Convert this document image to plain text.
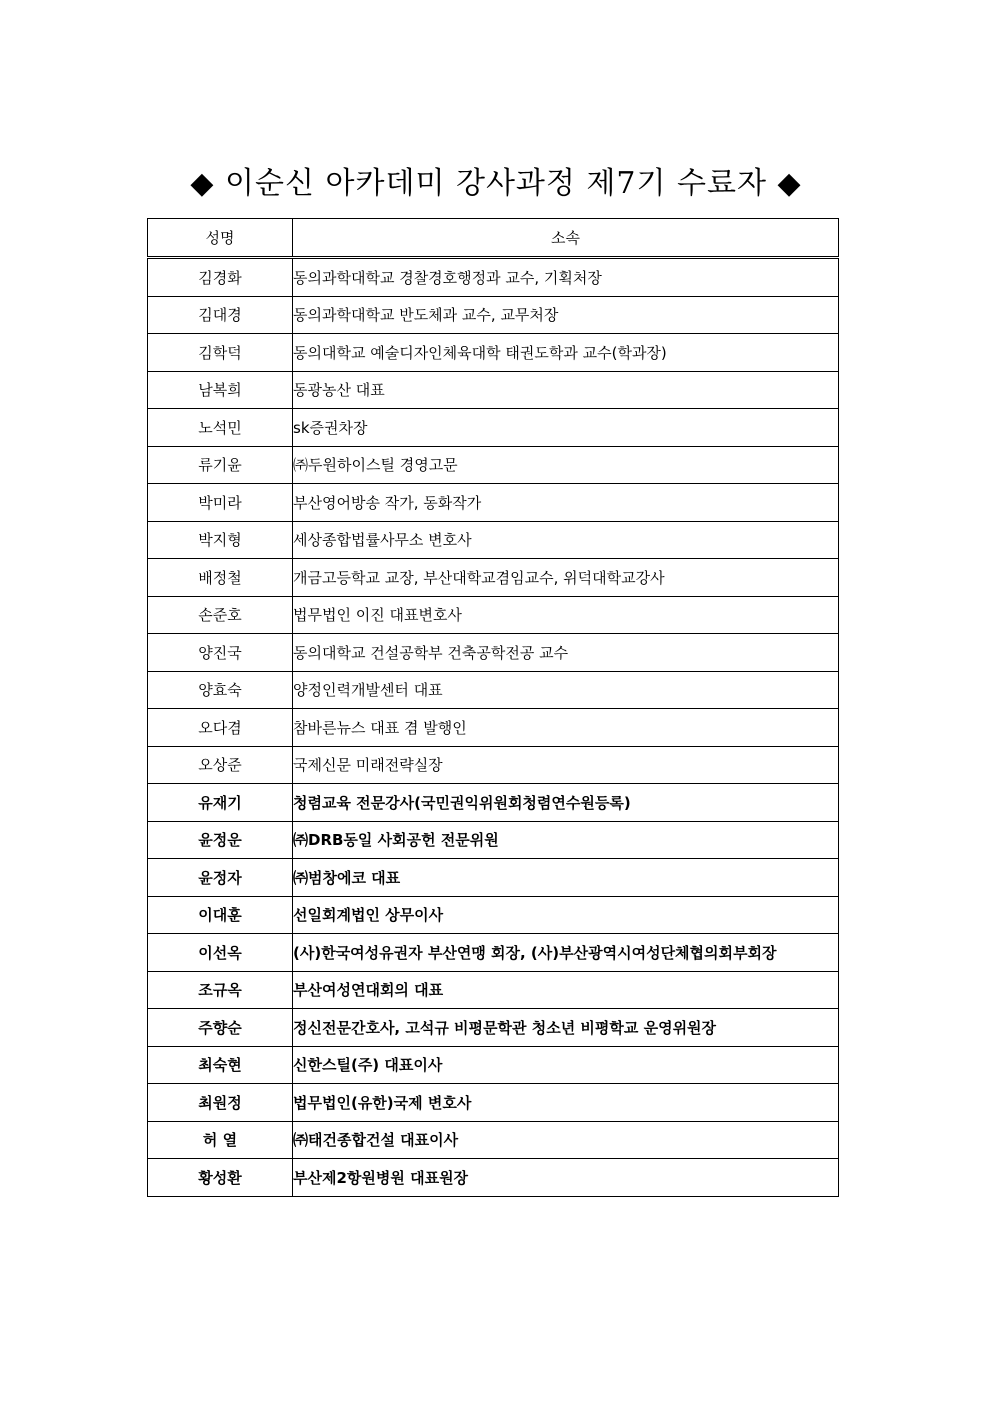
◆ 이순신 아카데미 강사과정 제7기 수료자 ◆
성명	소속
김경화	동의과학대학교 경찰경호행정과 교수, 기획처장
김대경	동의과학대학교 반도체과 교수, 교무처장
김학덕	동의대학교 예술디자인체육대학 태권도학과 교수(학과장)
남복희	동광농산 대표
노석민	sk증권차장
류기윤	㈜두원하이스틸 경영고문
박미라	부산영어방송 작가, 동화작가
박지형	세상종합법률사무소 변호사
배정철	개금고등학교 교장, 부산대학교겸임교수, 위덕대학교강사
손준호	법무법인 이진 대표변호사
양진국	동의대학교 건설공학부 건축공학전공 교수
양효숙	양정인력개발센터 대표
오다겸	참바른뉴스 대표 겸 발행인
오상준	국제신문 미래전략실장
유재기	청렴교육 전문강사(국민권익위원회청렴연수원등록)
윤정운	㈜DRB동일 사회공헌 전문위원
윤정자	㈜범창에코 대표
이대훈	선일회계법인 상무이사
이선옥	(사)한국여성유권자 부산연맹 회장, (사)부산광역시여성단체협의회부회장
조규옥	부산여성연대회의 대표
주향순	정신전문간호사, 고석규 비평문학관 청소년 비평학교 운영위원장
최숙현	신한스틸(주) 대표이사
최원정	법무법인(유한)국제 변호사
허 열	㈜태건종합건설 대표이사
황성환	부산제2항원병원 대표원장
